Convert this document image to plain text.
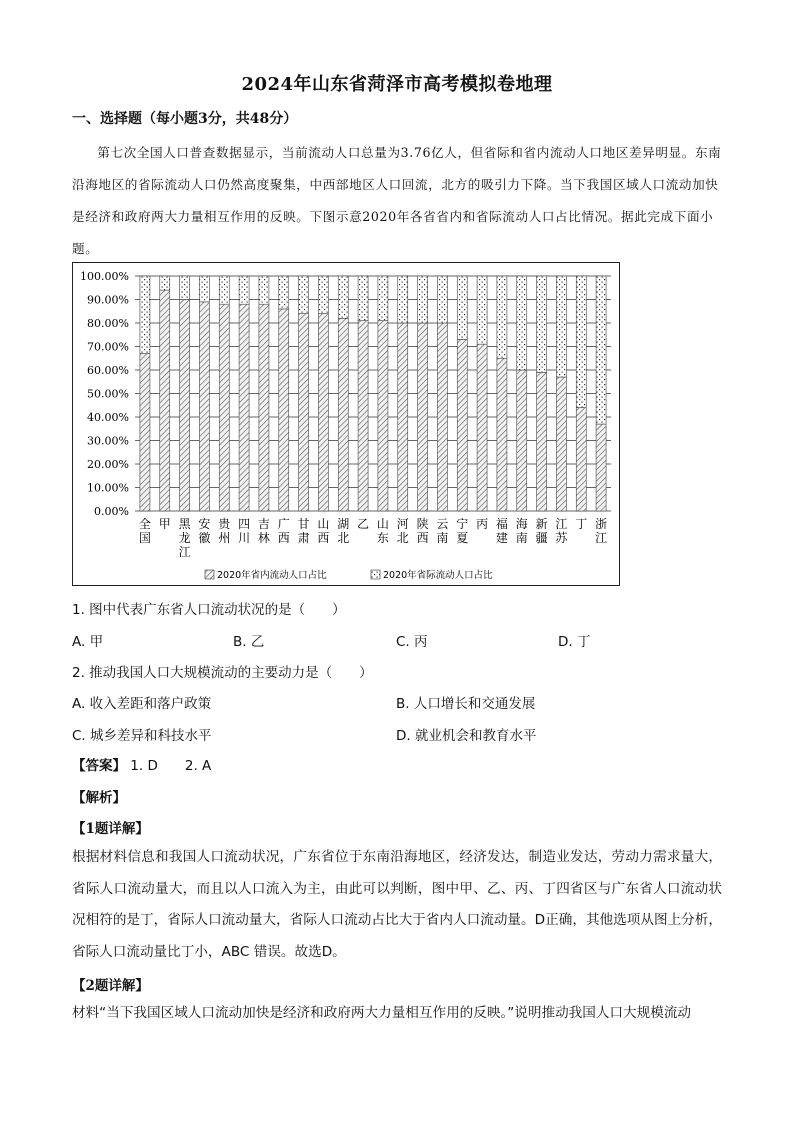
2024年山东省菏泽市高考模拟卷地理
一、选择题（每小题3分，共48分）

第七次全国人口普查数据显示，当前流动人口总量为3.76亿人，但省际和省内流动人口地区差异明显。东南沿海地区的省际流动人口仍然高度聚集，中西部地区人口回流，北方的吸引力下降。当下我国区域人口流动加快是经济和政府两大力量相互作用的反映。下图示意2020年各省省内和省际流动人口占比情况。据此完成下面小题。

100.00%
90.00%
80.00%
70.00%
60.00%
50.00%
40.00%
30.00%
20.00%
10.00%
0.00%
全国
甲 黑龙江
安徽
贵州
四川
吉林
广西
甘肃
山西
湖北
乙 山东
河北
陕西
云南
宁夏
丙 福建
海南
新疆
江苏
丁 浙江
2020年省内流动人口占比	2020年省际流动人口占比
1. 图中代表广东省人口流动状况的是（　　）
A. 甲	B. 乙	C. 丙	D. 丁
2. 推动我国人口大规模流动的主要动力是（　　）
A. 收入差距和落户政策	B. 人口增长和交通发展
C. 城乡差异和科技水平	D. 就业机会和教育水平
【答案】 1. D　　2. A
【解析】
【1题详解】
根据材料信息和我国人口流动状况，广东省位于东南沿海地区，经济发达，制造业发达，劳动力需求量大，省际人口流动量大，而且以人口流入为主，由此可以判断，图中甲、乙、丙、丁四省区与广东省人口流动状况相符的是丁，省际人口流动量大，省际人口流动占比大于省内人口流动量。D正确，其他选项从图上分析，省际人口流动量比丁小，ABC 错误。故选D。
【2题详解】
材料“当下我国区域人口流动加快是经济和政府两大力量相互作用的反映。”说明推动我国人口大规模流动
